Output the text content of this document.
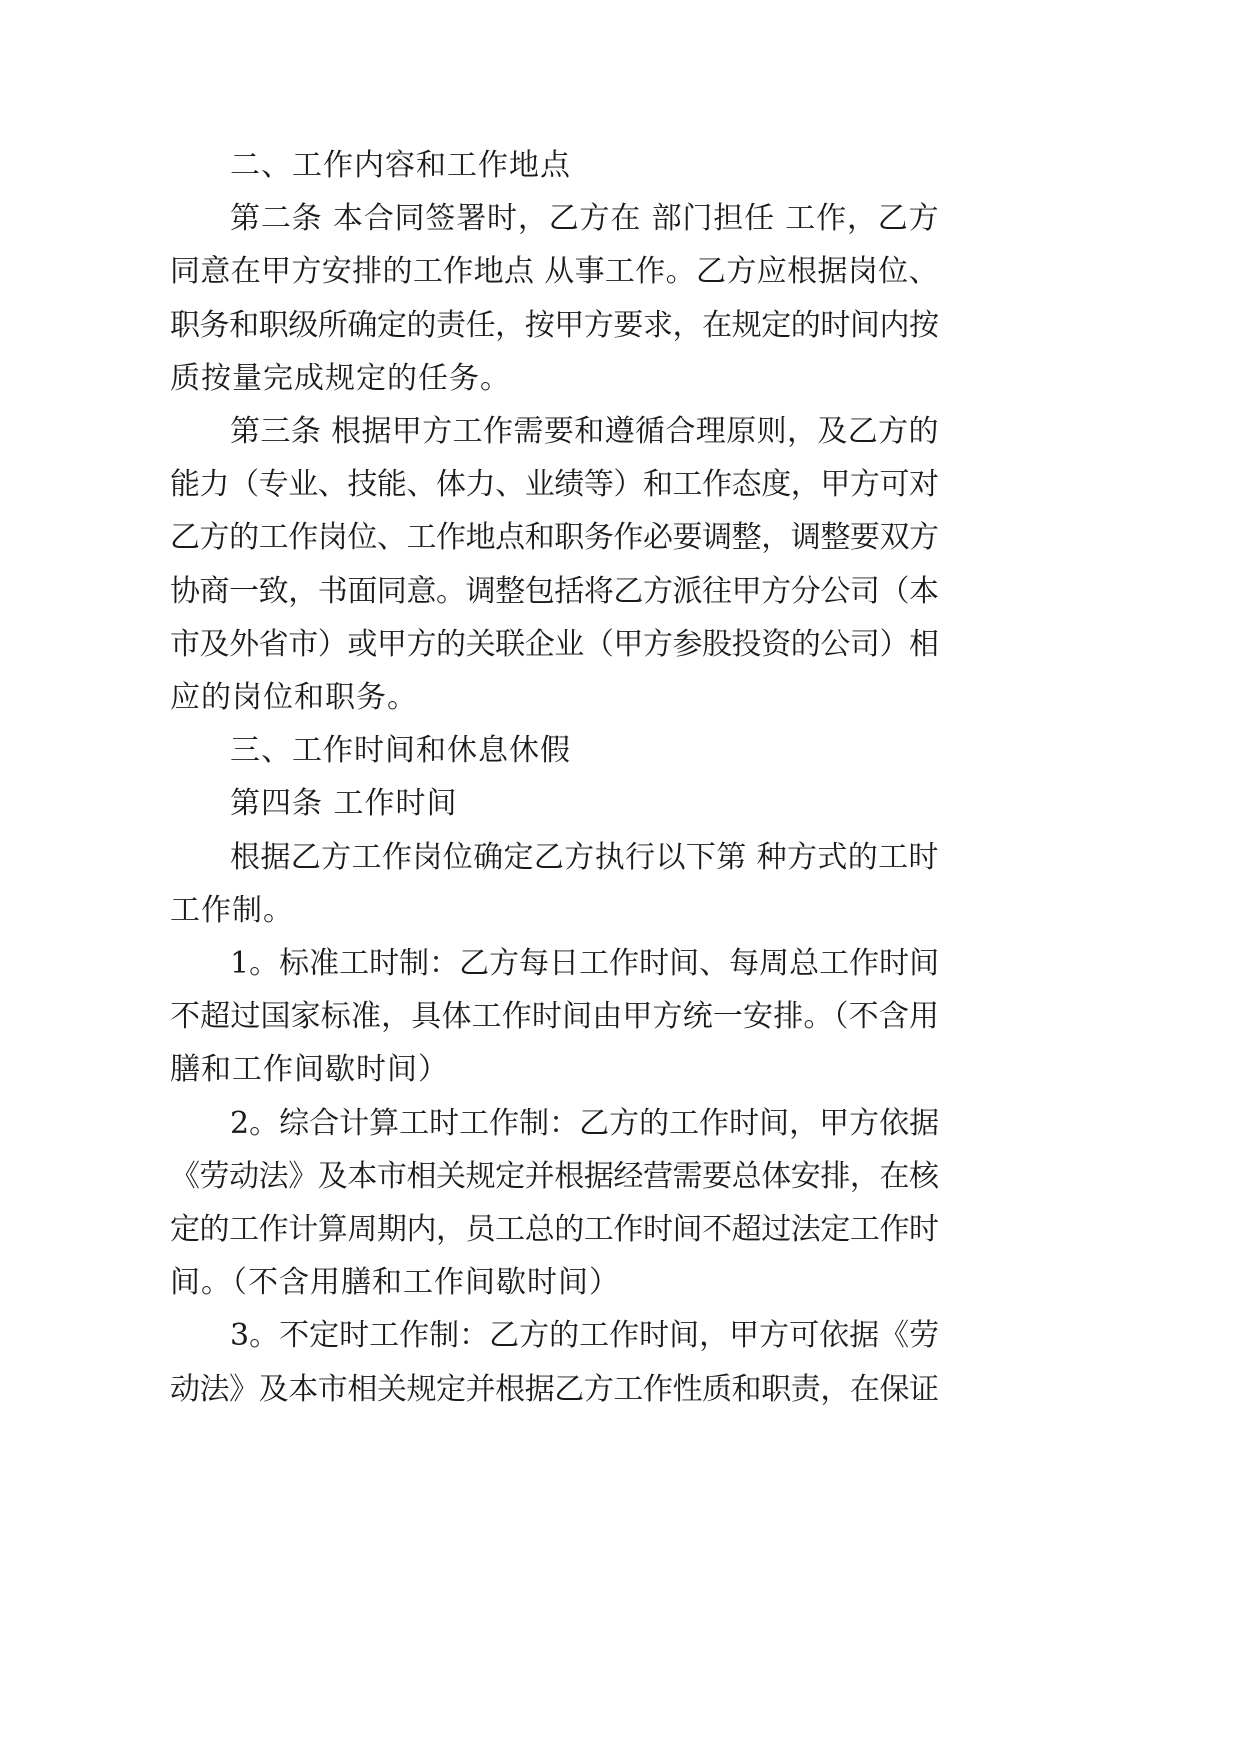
二、工作内容和工作地点
第二条 本合同签署时，乙方在 部门担任 工作，乙方
同意在甲方安排的工作地点 从事工作。乙方应根据岗位、
职务和职级所确定的责任，按甲方要求，在规定的时间内按
质按量完成规定的任务。
第三条 根据甲方工作需要和遵循合理原则，及乙方的
能力（专业、技能、体力、业绩等）和工作态度，甲方可对
乙方的工作岗位、工作地点和职务作必要调整，调整要双方
协商一致，书面同意。调整包括将乙方派往甲方分公司（本
市及外省市）或甲方的关联企业（甲方参股投资的公司）相
应的岗位和职务。
三、工作时间和休息休假
第四条 工作时间
根据乙方工作岗位确定乙方执行以下第 种方式的工时
工作制。
1。标准工时制：乙方每日工作时间、每周总工作时间
不超过国家标准，具体工作时间由甲方统一安排。（不含用
膳和工作间歇时间）
2。综合计算工时工作制：乙方的工作时间，甲方依据
《劳动法》及本市相关规定并根据经营需要总体安排，在核
定的工作计算周期内，员工总的工作时间不超过法定工作时
间。（不含用膳和工作间歇时间）
3。不定时工作制：乙方的工作时间，甲方可依据《劳
动法》及本市相关规定并根据乙方工作性质和职责，在保证
